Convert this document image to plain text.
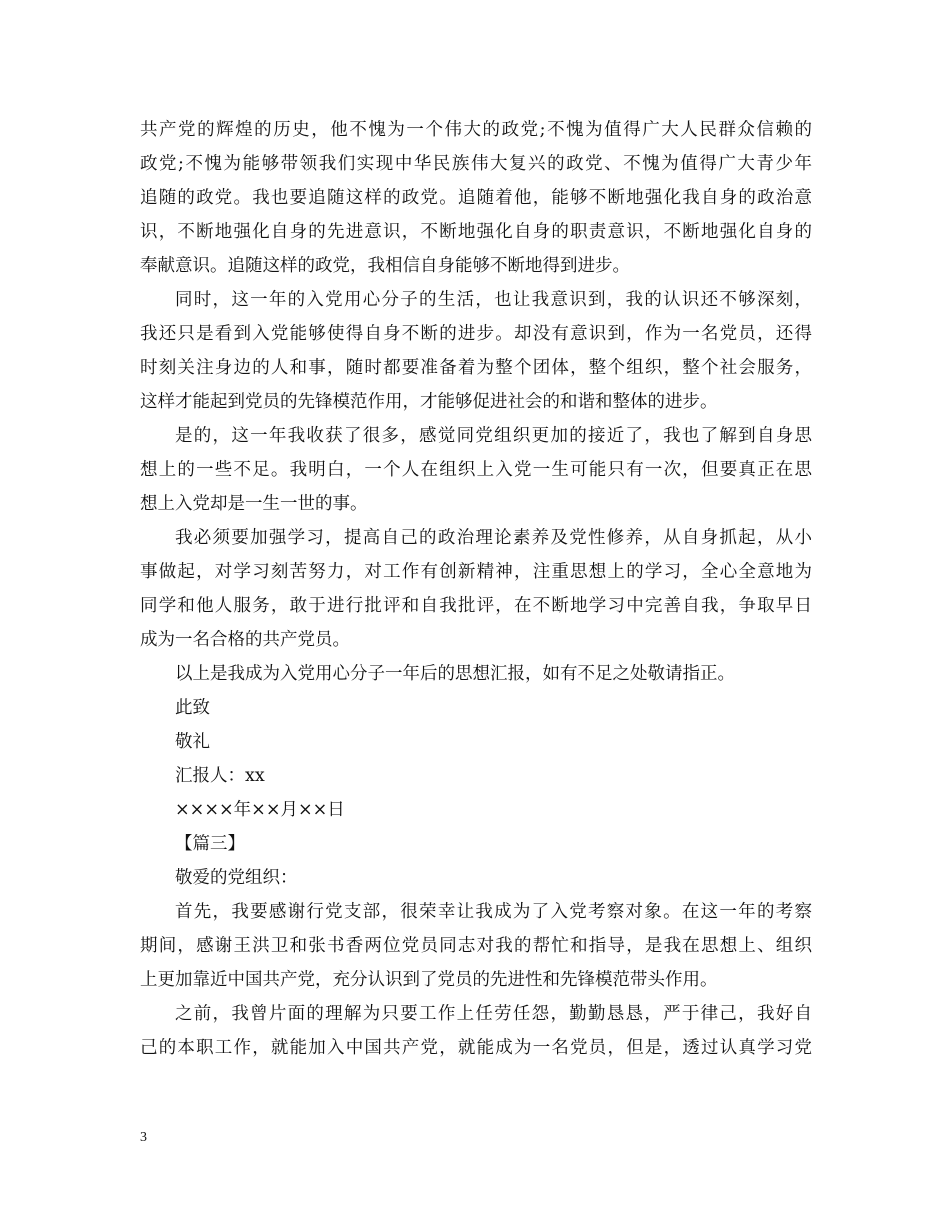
共产党的辉煌的历史，他不愧为一个伟大的政党;不愧为值得广大人民群众信赖的
政党;不愧为能够带领我们实现中华民族伟大复兴的政党、不愧为值得广大青少年
追随的政党。我也要追随这样的政党。追随着他，能够不断地强化我自身的政治意
识，不断地强化自身的先进意识，不断地强化自身的职责意识，不断地强化自身的
奉献意识。追随这样的政党，我相信自身能够不断地得到进步。
同时，这一年的入党用心分子的生活，也让我意识到，我的认识还不够深刻，
我还只是看到入党能够使得自身不断的进步。却没有意识到，作为一名党员，还得
时刻关注身边的人和事，随时都要准备着为整个团体，整个组织，整个社会服务，
这样才能起到党员的先锋模范作用，才能够促进社会的和谐和整体的进步。
是的，这一年我收获了很多，感觉同党组织更加的接近了，我也了解到自身思
想上的一些不足。我明白，一个人在组织上入党一生可能只有一次，但要真正在思
想上入党却是一生一世的事。
我必须要加强学习，提高自己的政治理论素养及党性修养，从自身抓起，从小
事做起，对学习刻苦努力，对工作有创新精神，注重思想上的学习，全心全意地为
同学和他人服务，敢于进行批评和自我批评，在不断地学习中完善自我，争取早日
成为一名合格的共产党员。
以上是我成为入党用心分子一年后的思想汇报，如有不足之处敬请指正。
此致
敬礼
汇报人：xx
××××年××月××日
【篇三】
敬爱的党组织：
首先，我要感谢行党支部，很荣幸让我成为了入党考察对象。在这一年的考察
期间，感谢王洪卫和张书香两位党员同志对我的帮忙和指导，是我在思想上、组织
上更加靠近中国共产党，充分认识到了党员的先进性和先锋模范带头作用。
之前，我曾片面的理解为只要工作上任劳任怨，勤勤恳恳，严于律己，我好自
己的本职工作，就能加入中国共产党，就能成为一名党员，但是，透过认真学习党
3
